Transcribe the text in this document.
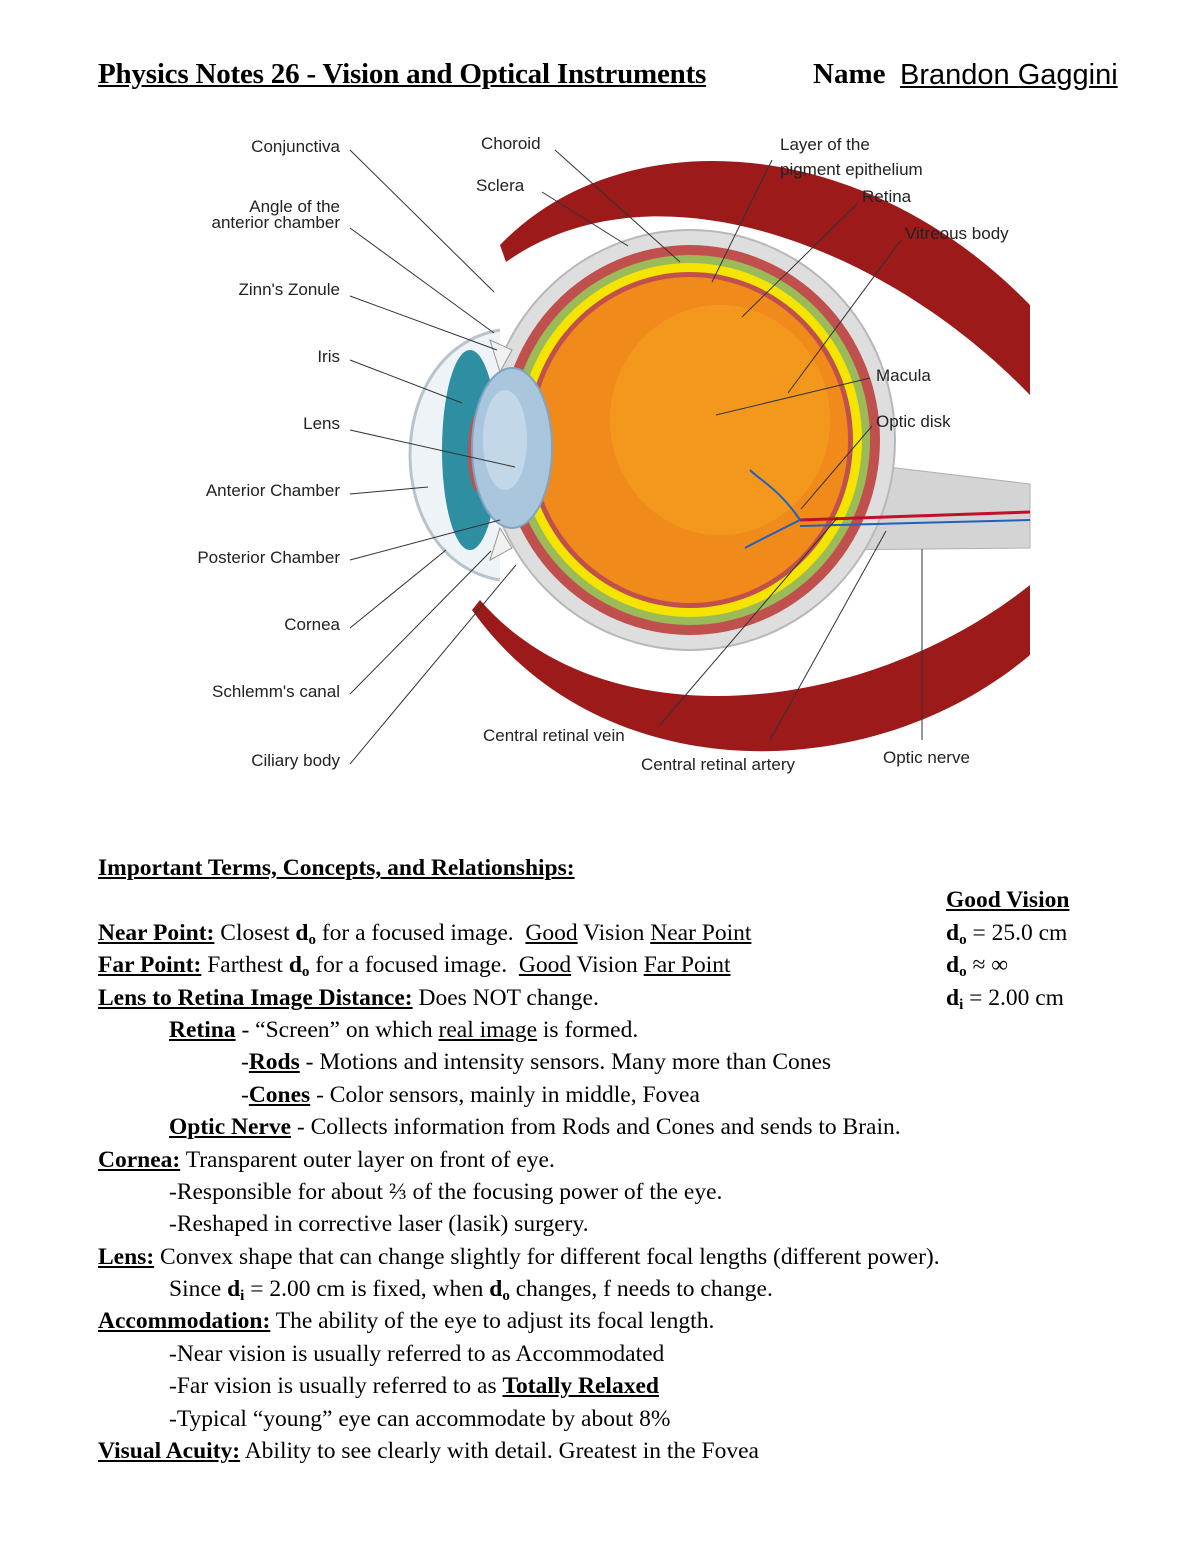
Physics Notes 26 - Vision and Optical Instruments	Name Brandon Gaggini
Conjunctiva
Angle of the
anterior chamber
Zinn's Zonule
Iris
Lens
Anterior Chamber
Posterior Chamber
Cornea
Schlemm's canal
Ciliary body
Choroid
Sclera
Layer of the
pigment epithelium
Retina
Vitreous body
Macula
Optic disk
Central retinal vein
Central retinal artery	Optic nerve
Important Terms, Concepts, and Relationships:
Good Vision
Near Point: Closest $d_o$ for a focused image. Good Vision Near Point	$d_o = 25.0$ cm
Far Point: Farthest $d_o$ for a focused image. Good Vision Far Point	$d_o$ ≈ ∞
Lens to Retina Image Distance: Does NOT change.	$d_i = 2.00$ cm
Retina - “Screen” on which real image is formed.
-Rods - Motions and intensity sensors. Many more than Cones
-Cones - Color sensors, mainly in middle, Fovea
Optic Nerve - Collects information from Rods and Cones and sends to Brain.
Cornea: Transparent outer layer on front of eye.
-Responsible for about ⅔ of the focusing power of the eye.
-Reshaped in corrective laser (lasik) surgery.
Lens: Convex shape that can change slightly for different focal lengths (different power).
Since $d_i = 2.00$ cm is fixed, when $d_o$ changes, f needs to change.
Accommodation: The ability of the eye to adjust its focal length.
-Near vision is usually referred to as Accommodated
-Far vision is usually referred to as Totally Relaxed
-Typical “young” eye can accommodate by about 8%
Visual Acuity: Ability to see clearly with detail. Greatest in the Fovea
